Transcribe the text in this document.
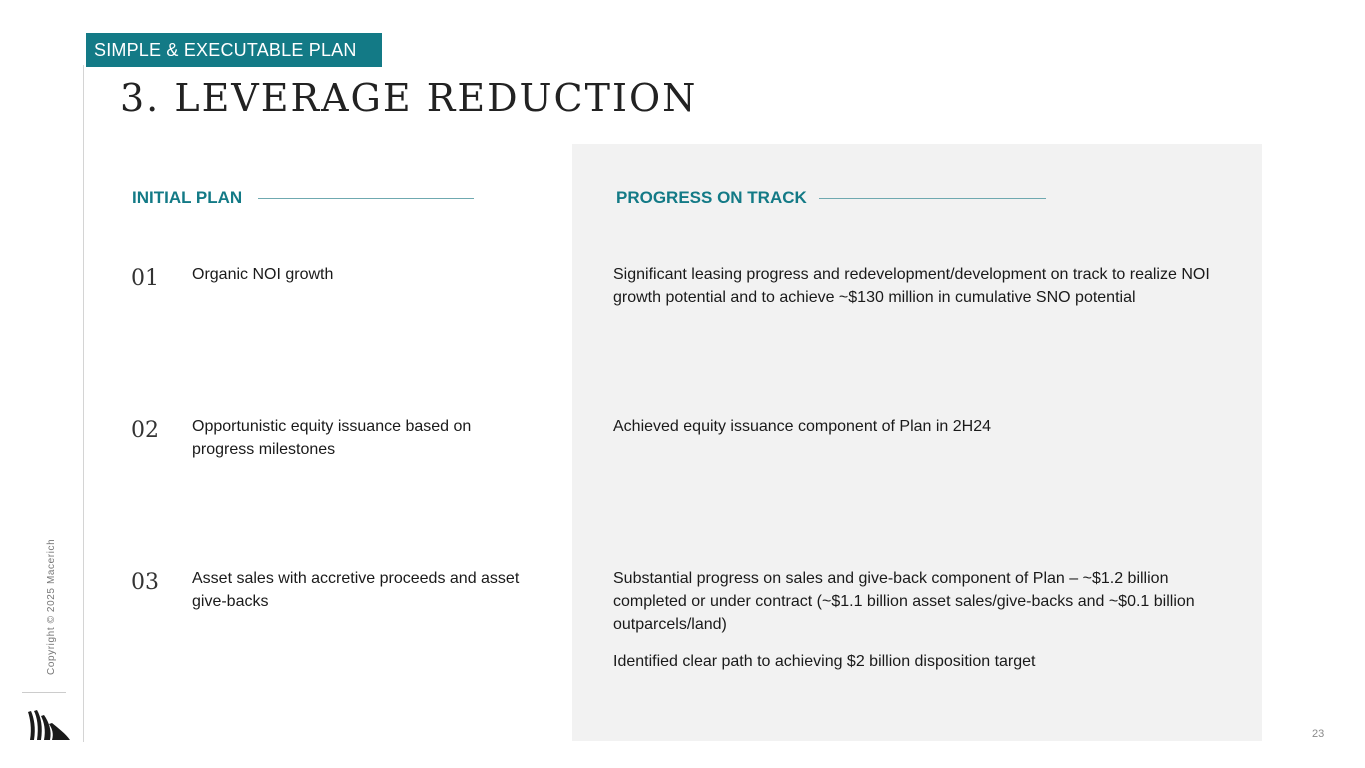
SIMPLE & EXECUTABLE PLAN
3. LEVERAGE REDUCTION
INITIAL PLAN	PROGRESS ON TRACK
01 Organic NOI growth	Significant leasing progress and redevelopment/development on track to realize NOI growth potential and to achieve ~$130 million in cumulative SNO potential
02 Opportunistic equity issuance based on progress milestones
Achieved equity issuance component of Plan in 2H24
03 Asset sales with accretive proceeds and asset give-backs
Substantial progress on sales and give-back component of Plan – ~$1.2 billion completed or under contract (~$1.1 billion asset sales/give-backs and ~$0.1 billion outparcels/land)
Identified clear path to achieving $2 billion disposition target
Copyright © 2025 Macerich
23
